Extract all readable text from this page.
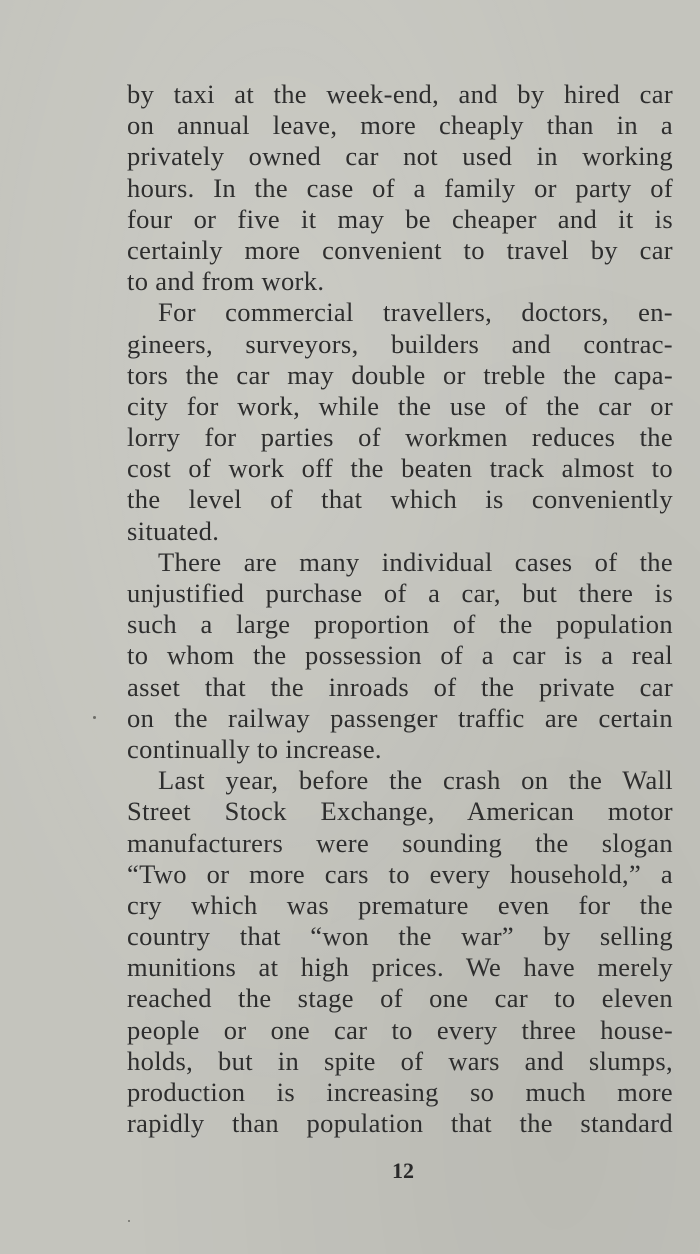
by taxi at the week-end, and by hired car
on annual leave, more cheaply than in a
privately owned car not used in working
hours. In the case of a family or party of
four or five it may be cheaper and it is
certainly more convenient to travel by car
to and from work.
For commercial travellers, doctors, en-
gineers, surveyors, builders and contrac-
tors the car may double or treble the capa-
city for work, while the use of the car or
lorry for parties of workmen reduces the
cost of work off the beaten track almost to
the level of that which is conveniently
situated.
There are many individual cases of the
unjustified purchase of a car, but there is
such a large proportion of the population
to whom the possession of a car is a real
asset that the inroads of the private car
on the railway passenger traffic are certain
continually to increase.
Last year, before the crash on the Wall
Street Stock Exchange, American motor
manufacturers were sounding the slogan
“Two or more cars to every household,” a
cry which was premature even for the
country that “won the war” by selling
munitions at high prices. We have merely
reached the stage of one car to eleven
people or one car to every three house-
holds, but in spite of wars and slumps,
production is increasing so much more
rapidly than population that the standard
12
